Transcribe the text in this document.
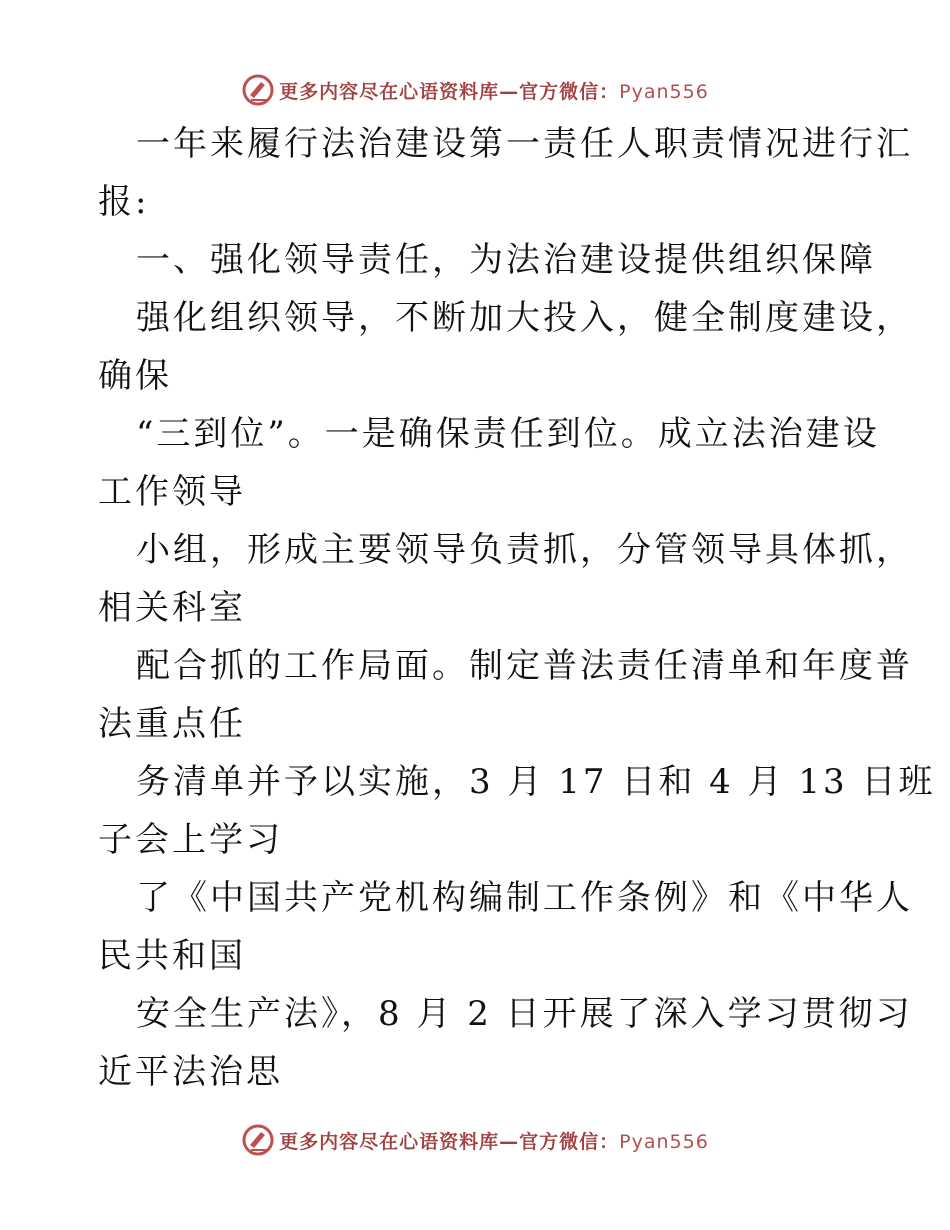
更多内容尽在心语资料库—官方微信：Pyan556
一年来履行法治建设第一责任人职责情况进行汇
报:
一、强化领导责任，为法治建设提供组织保障
强化组织领导，不断加大投入，健全制度建设，
确保
“三到位”。一是确保责任到位。成立法治建设
工作领导
小组，形成主要领导负责抓，分管领导具体抓，
相关科室
配合抓的工作局面。制定普法责任清单和年度普
法重点任
务清单并予以实施，3 月 17 日和 4 月 13 日班
子会上学习
了《中国共产党机构编制工作条例》和《中华人
民共和国
安全生产法》，8 月 2 日开展了深入学习贯彻习
近平法治思
更多内容尽在心语资料库—官方微信：Pyan556
